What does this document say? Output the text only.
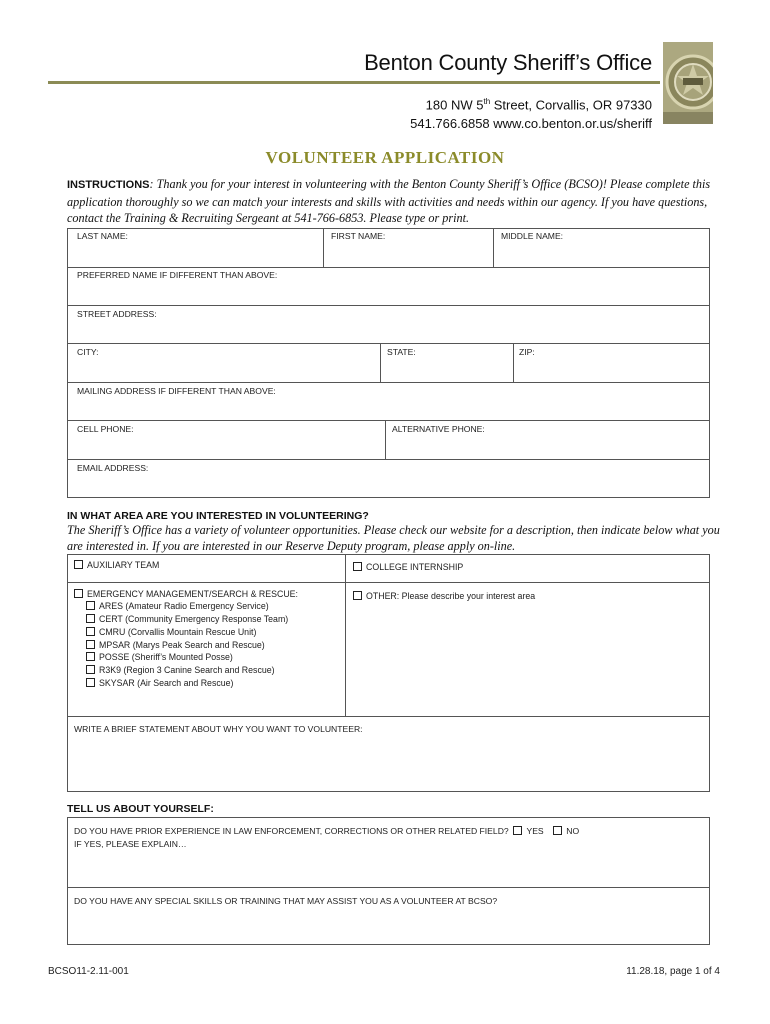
Benton County Sheriff’s Office
180 NW 5th Street, Corvallis, OR 97330
541.766.6858 www.co.benton.or.us/sheriff
VOLUNTEER APPLICATION
INSTRUCTIONS: Thank you for your interest in volunteering with the Benton County Sheriff’s Office (BCSO)! Please complete this application thoroughly so we can match your interests and skills with activities and needs within our agency. If you have questions, contact the Training & Recruiting Sergeant at 541-766-6853. Please type or print.
LAST NAME:	FIRST NAME:	MIDDLE NAME:
PREFERRED NAME IF DIFFERENT THAN ABOVE:
STREET ADDRESS:
CITY:	STATE:	ZIP:
MAILING ADDRESS IF DIFFERENT THAN ABOVE:
CELL PHONE:	ALTERNATIVE PHONE:
EMAIL ADDRESS:
IN WHAT AREA ARE YOU INTERESTED IN VOLUNTEERING?
The Sheriff’s Office has a variety of volunteer opportunities. Please check our website for a description, then indicate below what you are interested in. If you are interested in our Reserve Deputy program, please apply on-line.
AUXILIARY TEAM	COLLEGE INTERNSHIP
EMERGENCY MANAGEMENT/SEARCH & RESCUE:	OTHER: Please describe your interest area
ARES (Amateur Radio Emergency Service)
CERT (Community Emergency Response Team)
CMRU (Corvallis Mountain Rescue Unit)
MPSAR (Marys Peak Search and Rescue)
POSSE (Sheriff’s Mounted Posse)
R3K9 (Region 3 Canine Search and Rescue)
SKYSAR (Air Search and Rescue)
WRITE A BRIEF STATEMENT ABOUT WHY YOU WANT TO VOLUNTEER:
TELL US ABOUT YOURSELF:
DO YOU HAVE PRIOR EXPERIENCE IN LAW ENFORCEMENT, CORRECTIONS OR OTHER RELATED FIELD? YES	NO
IF YES, PLEASE EXPLAIN…
DO YOU HAVE ANY SPECIAL SKILLS OR TRAINING THAT MAY ASSIST YOU AS A VOLUNTEER AT BCSO?
BCSO11-2.11-001	11.28.18, page 1 of 4
